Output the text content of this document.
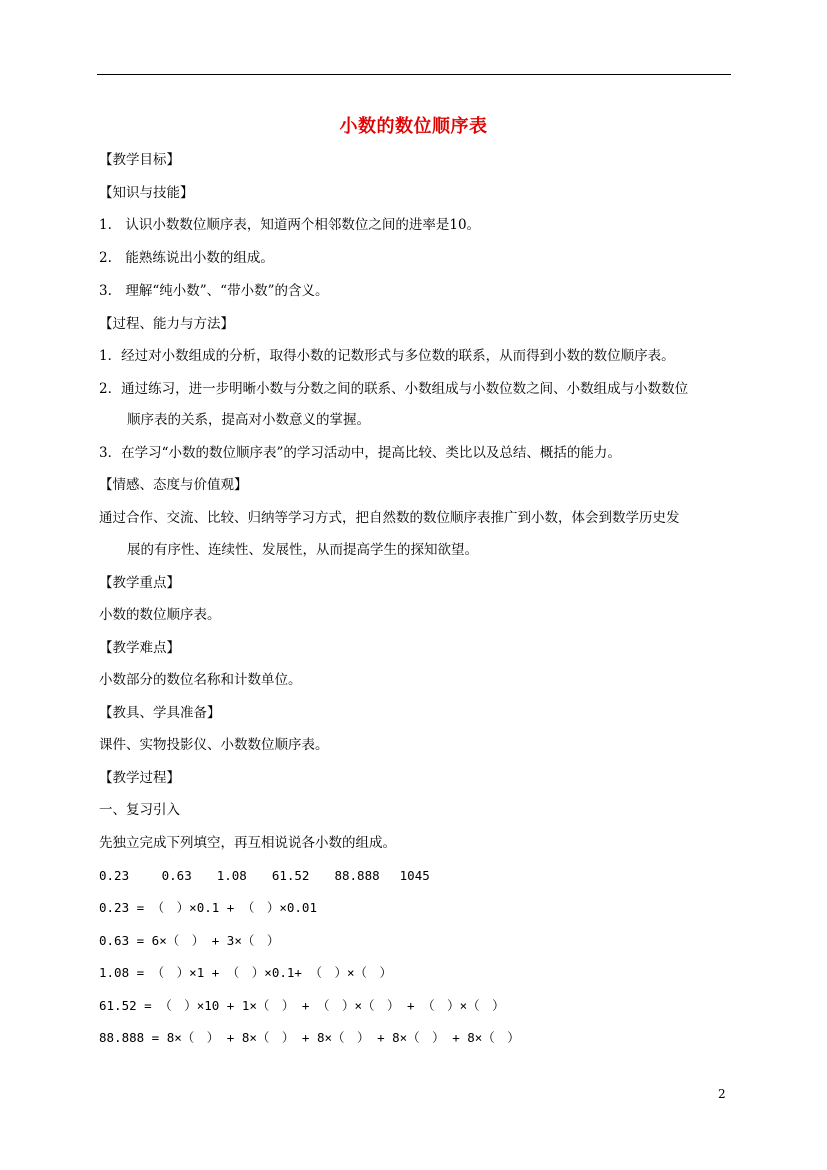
小数的数位顺序表
【教学目标】
【知识与技能】
1.　认识小数数位顺序表，知道两个相邻数位之间的进率是10。
2.　能熟练说出小数的组成。
3.　理解“纯小数”、“带小数”的含义。
【过程、能力与方法】
1．经过对小数组成的分析，取得小数的记数形式与多位数的联系，从而得到小数的数位顺序表。
2．通过练习，进一步明晰小数与分数之间的联系、小数组成与小数位数之间、小数组成与小数数位
顺序表的关系，提高对小数意义的掌握。
3．在学习“小数的数位顺序表”的学习活动中，提高比较、类比以及总结、概括的能力。
【情感、态度与价值观】
通过合作、交流、比较、归纳等学习方式，把自然数的数位顺序表推广到小数，体会到数学历史发
展的有序性、连续性、发展性，从而提高学生的探知欲望。
【教学重点】
小数的数位顺序表。
【教学难点】
小数部分的数位名称和计数单位。
【教具、学具准备】
课件、实物投影仪、小数数位顺序表。
【教学过程】
一、复习引入
先独立完成下列填空，再互相说说各小数的组成。
0.23　　 0.63　　1.08　　61.52　　88.888　 1045
0.23 = （　）×0.1 + （　）×0.01
0.63 = 6×（　） + 3×（　）
1.08 = （　）×1 + （　）×0.1+ （　）×（　）
61.52 = （　）×10 + 1×（　） + （　）×（　） + （　）×（　）
88.888 = 8×（　） + 8×（　） + 8×（　） + 8×（　） + 8×（　）
2
